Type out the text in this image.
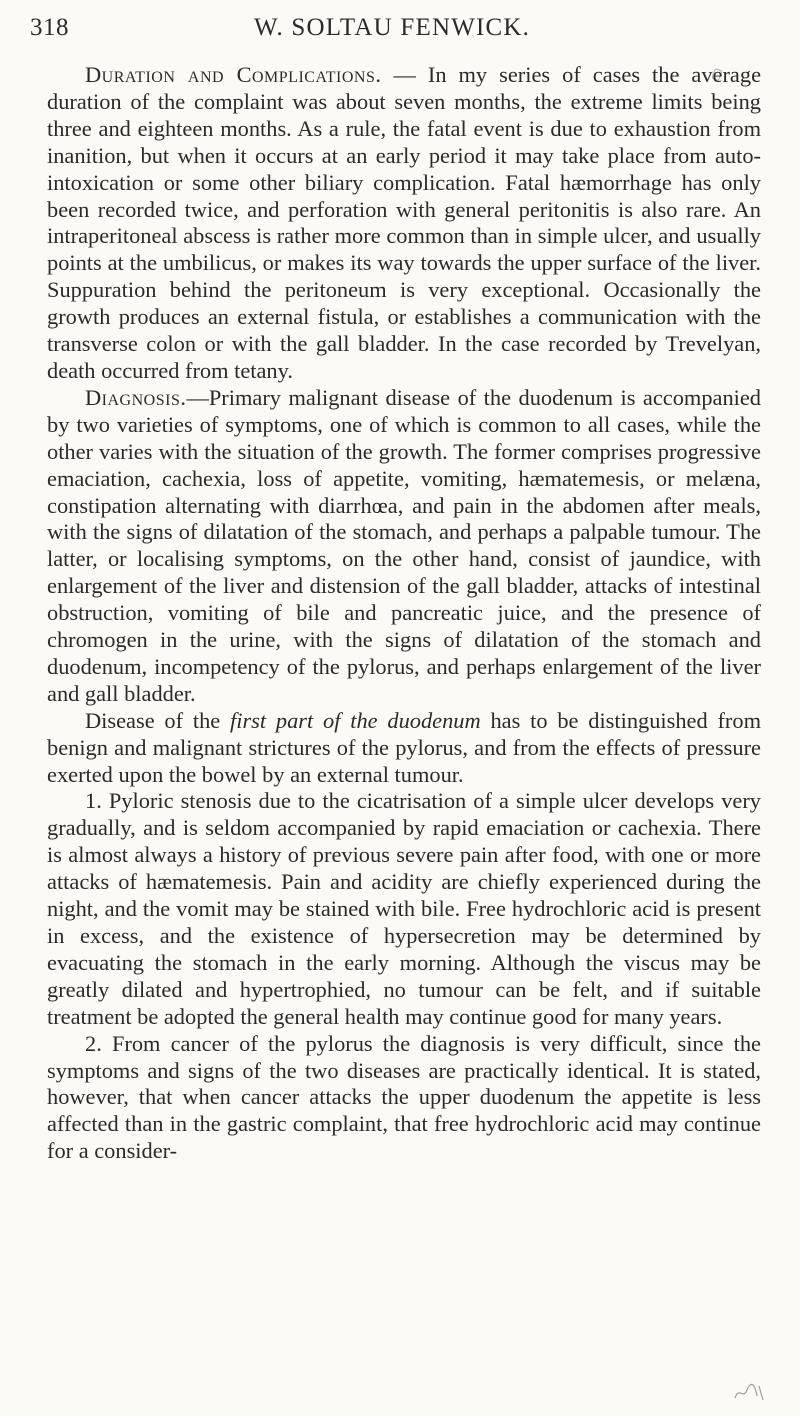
318	W. SOLTAU FENWICK.

Duration and Complications. — In my series of cases the average duration of the complaint was about seven months, the extreme limits being three and eighteen months. As a rule, the fatal event is due to exhaustion from inanition, but when it occurs at an early period it may take place from auto-intoxication or some other biliary complication. Fatal hæmorrhage has only been recorded twice, and perforation with general peritonitis is also rare. An intraperitoneal abscess is rather more common than in simple ulcer, and usually points at the umbilicus, or makes its way towards the upper surface of the liver. Suppuration behind the peritoneum is very exceptional. Occasionally the growth produces an external fistula, or establishes a communication with the transverse colon or with the gall bladder. In the case recorded by Trevelyan, death occurred from tetany.

Diagnosis.—Primary malignant disease of the duodenum is accompanied by two varieties of symptoms, one of which is common to all cases, while the other varies with the situation of the growth. The former comprises progressive emaciation, cachexia, loss of appetite, vomiting, hæmatemesis, or melæna, constipation alternating with diarrhœa, and pain in the abdomen after meals, with the signs of dilatation of the stomach, and perhaps a palpable tumour. The latter, or localising symptoms, on the other hand, consist of jaundice, with enlargement of the liver and distension of the gall bladder, attacks of intestinal obstruction, vomiting of bile and pancreatic juice, and the presence of chromogen in the urine, with the signs of dilatation of the stomach and duodenum, incompetency of the pylorus, and perhaps enlargement of the liver and gall bladder.

Disease of the first part of the duodenum has to be distinguished from benign and malignant strictures of the pylorus, and from the effects of pressure exerted upon the bowel by an external tumour.

1. Pyloric stenosis due to the cicatrisation of a simple ulcer develops very gradually, and is seldom accompanied by rapid emaciation or cachexia. There is almost always a history of previous severe pain after food, with one or more attacks of hæmatemesis. Pain and acidity are chiefly experienced during the night, and the vomit may be stained with bile. Free hydrochloric acid is present in excess, and the existence of hypersecretion may be determined by evacuating the stomach in the early morning. Although the viscus may be greatly dilated and hypertrophied, no tumour can be felt, and if suitable treatment be adopted the general health may continue good for many years.

2. From cancer of the pylorus the diagnosis is very difficult, since the symptoms and signs of the two diseases are practically identical. It is stated, however, that when cancer attacks the upper duodenum the appetite is less affected than in the gastric complaint, that free hydrochloric acid may continue for a consider-
